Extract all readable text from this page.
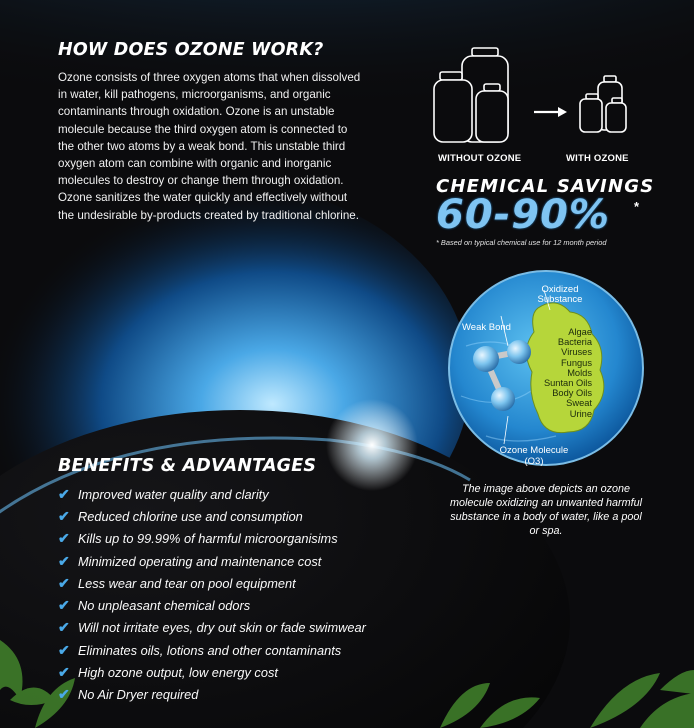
HOW DOES OZONE WORK?

Ozone consists of three oxygen atoms that when dissolved in water, kill pathogens, microorganisms, and organic contaminants through oxidation. Ozone is an unstable molecule because the third oxygen atom is connected to the other two atoms by a weak bond. This unstable third oxygen atom can combine with organic and inorganic molecules to destroy or change them through oxidation. Ozone sanitizes the water quickly and effectively without the undesirable by-products created by traditional chlorine.

WITHOUT OZONE	WITH OZONE
CHEMICAL SAVINGS
60-90% *
* Based on typical chemical use for 12 month period
Oxidized
Substance
Weak Bond	Algae
Bacteria
Viruses
Fungus
Molds
Suntan Oils
Body Oils
Sweat
Urine
Ozone Molecule
(O3)

The image above depicts an ozone molecule oxidizing an unwanted harmful substance in a body of water, like a pool or spa.

BENEFITS & ADVANTAGES
✔ Improved water quality and clarity
✔ Reduced chlorine use and consumption
✔ Kills up to 99.99% of harmful microorganisims
✔ Minimized operating and maintenance cost
✔ Less wear and tear on pool equipment
✔ No unpleasant chemical odors
✔ Will not irritate eyes, dry out skin or fade swimwear
✔ Eliminates oils, lotions and other contaminants
✔ High ozone output, low energy cost
✔ No Air Dryer required
